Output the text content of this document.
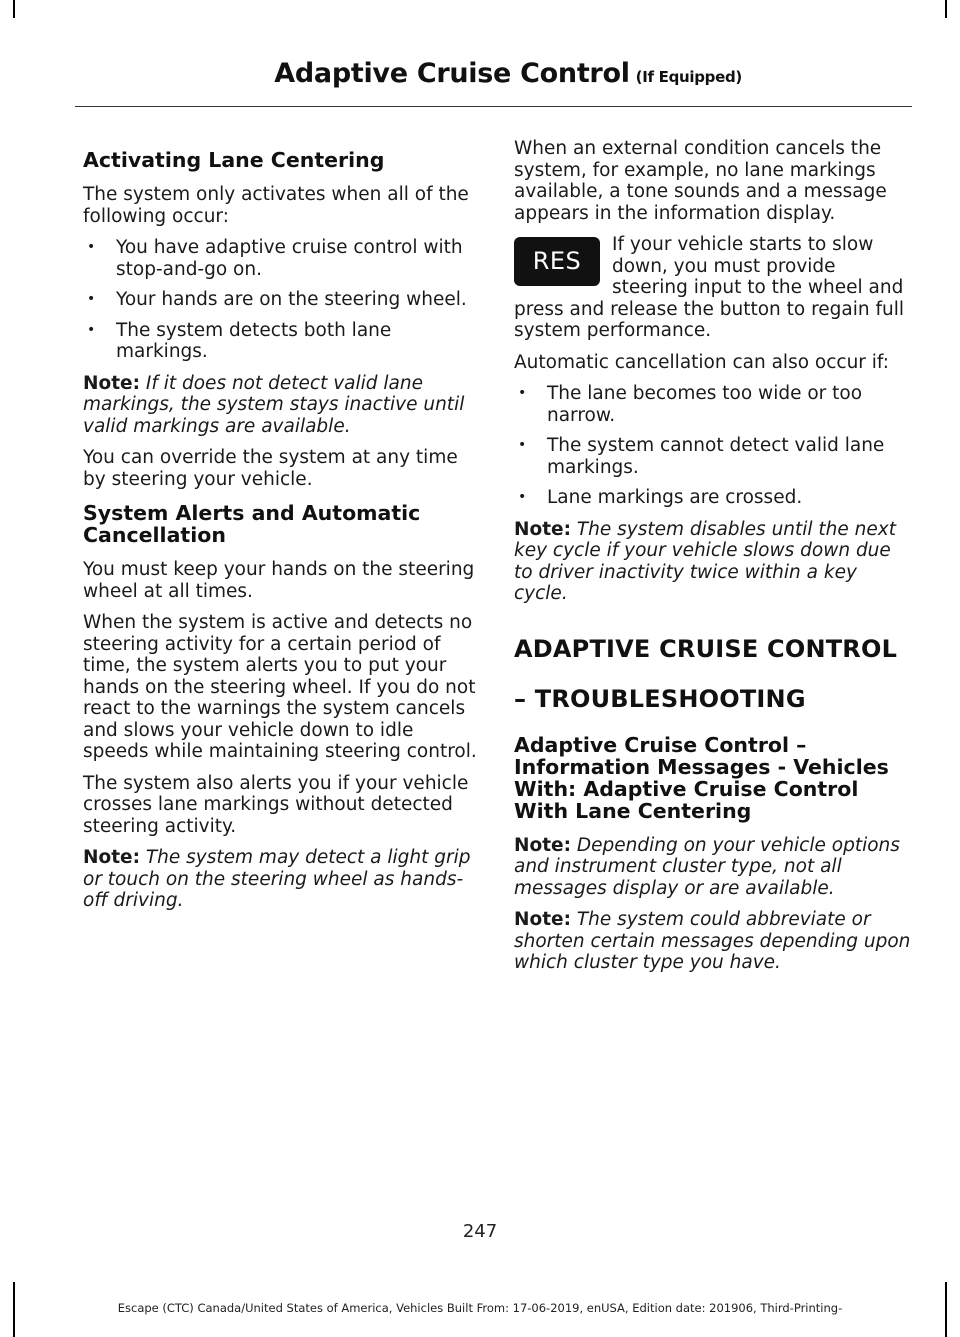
Adaptive Cruise Control (If Equipped)
Activating Lane Centering

The system only activates when all of the following occur:

• You have adaptive cruise control with stop-and-go on.
• Your hands are on the steering wheel.
• The system detects both lane markings.

Note: If it does not detect valid lane markings, the system stays inactive until valid markings are available.

You can override the system at any time by steering your vehicle.

System Alerts and Automatic Cancellation

You must keep your hands on the steering wheel at all times.

When the system is active and detects no steering activity for a certain period of time, the system alerts you to put your hands on the steering wheel. If you do not react to the warnings the system cancels and slows your vehicle down to idle speeds while maintaining steering control.

The system also alerts you if your vehicle crosses lane markings without detected steering activity.

Note: The system may detect a light grip or touch on the steering wheel as hands-off driving.

When an external condition cancels the system, for example, no lane markings available, a tone sounds and a message appears in the information display.

RES

If your vehicle starts to slow down, you must provide steering input to the wheel and press and release the button to regain full system performance.

Automatic cancellation can also occur if:

• The lane becomes too wide or too narrow.
• The system cannot detect valid lane markings.
• Lane markings are crossed.

Note: The system disables until the next key cycle if your vehicle slows down due to driver inactivity twice within a key cycle.

ADAPTIVE CRUISE CONTROL
– TROUBLESHOOTING
Adaptive Cruise Control – Information Messages - Vehicles With: Adaptive Cruise Control With Lane Centering

Note: Depending on your vehicle options and instrument cluster type, not all messages display or are available.

Note: The system could abbreviate or shorten certain messages depending upon which cluster type you have.

247
Escape (CTC) Canada/United States of America, Vehicles Built From: 17-06-2019, enUSA, Edition date: 201906, Third-Printing-
